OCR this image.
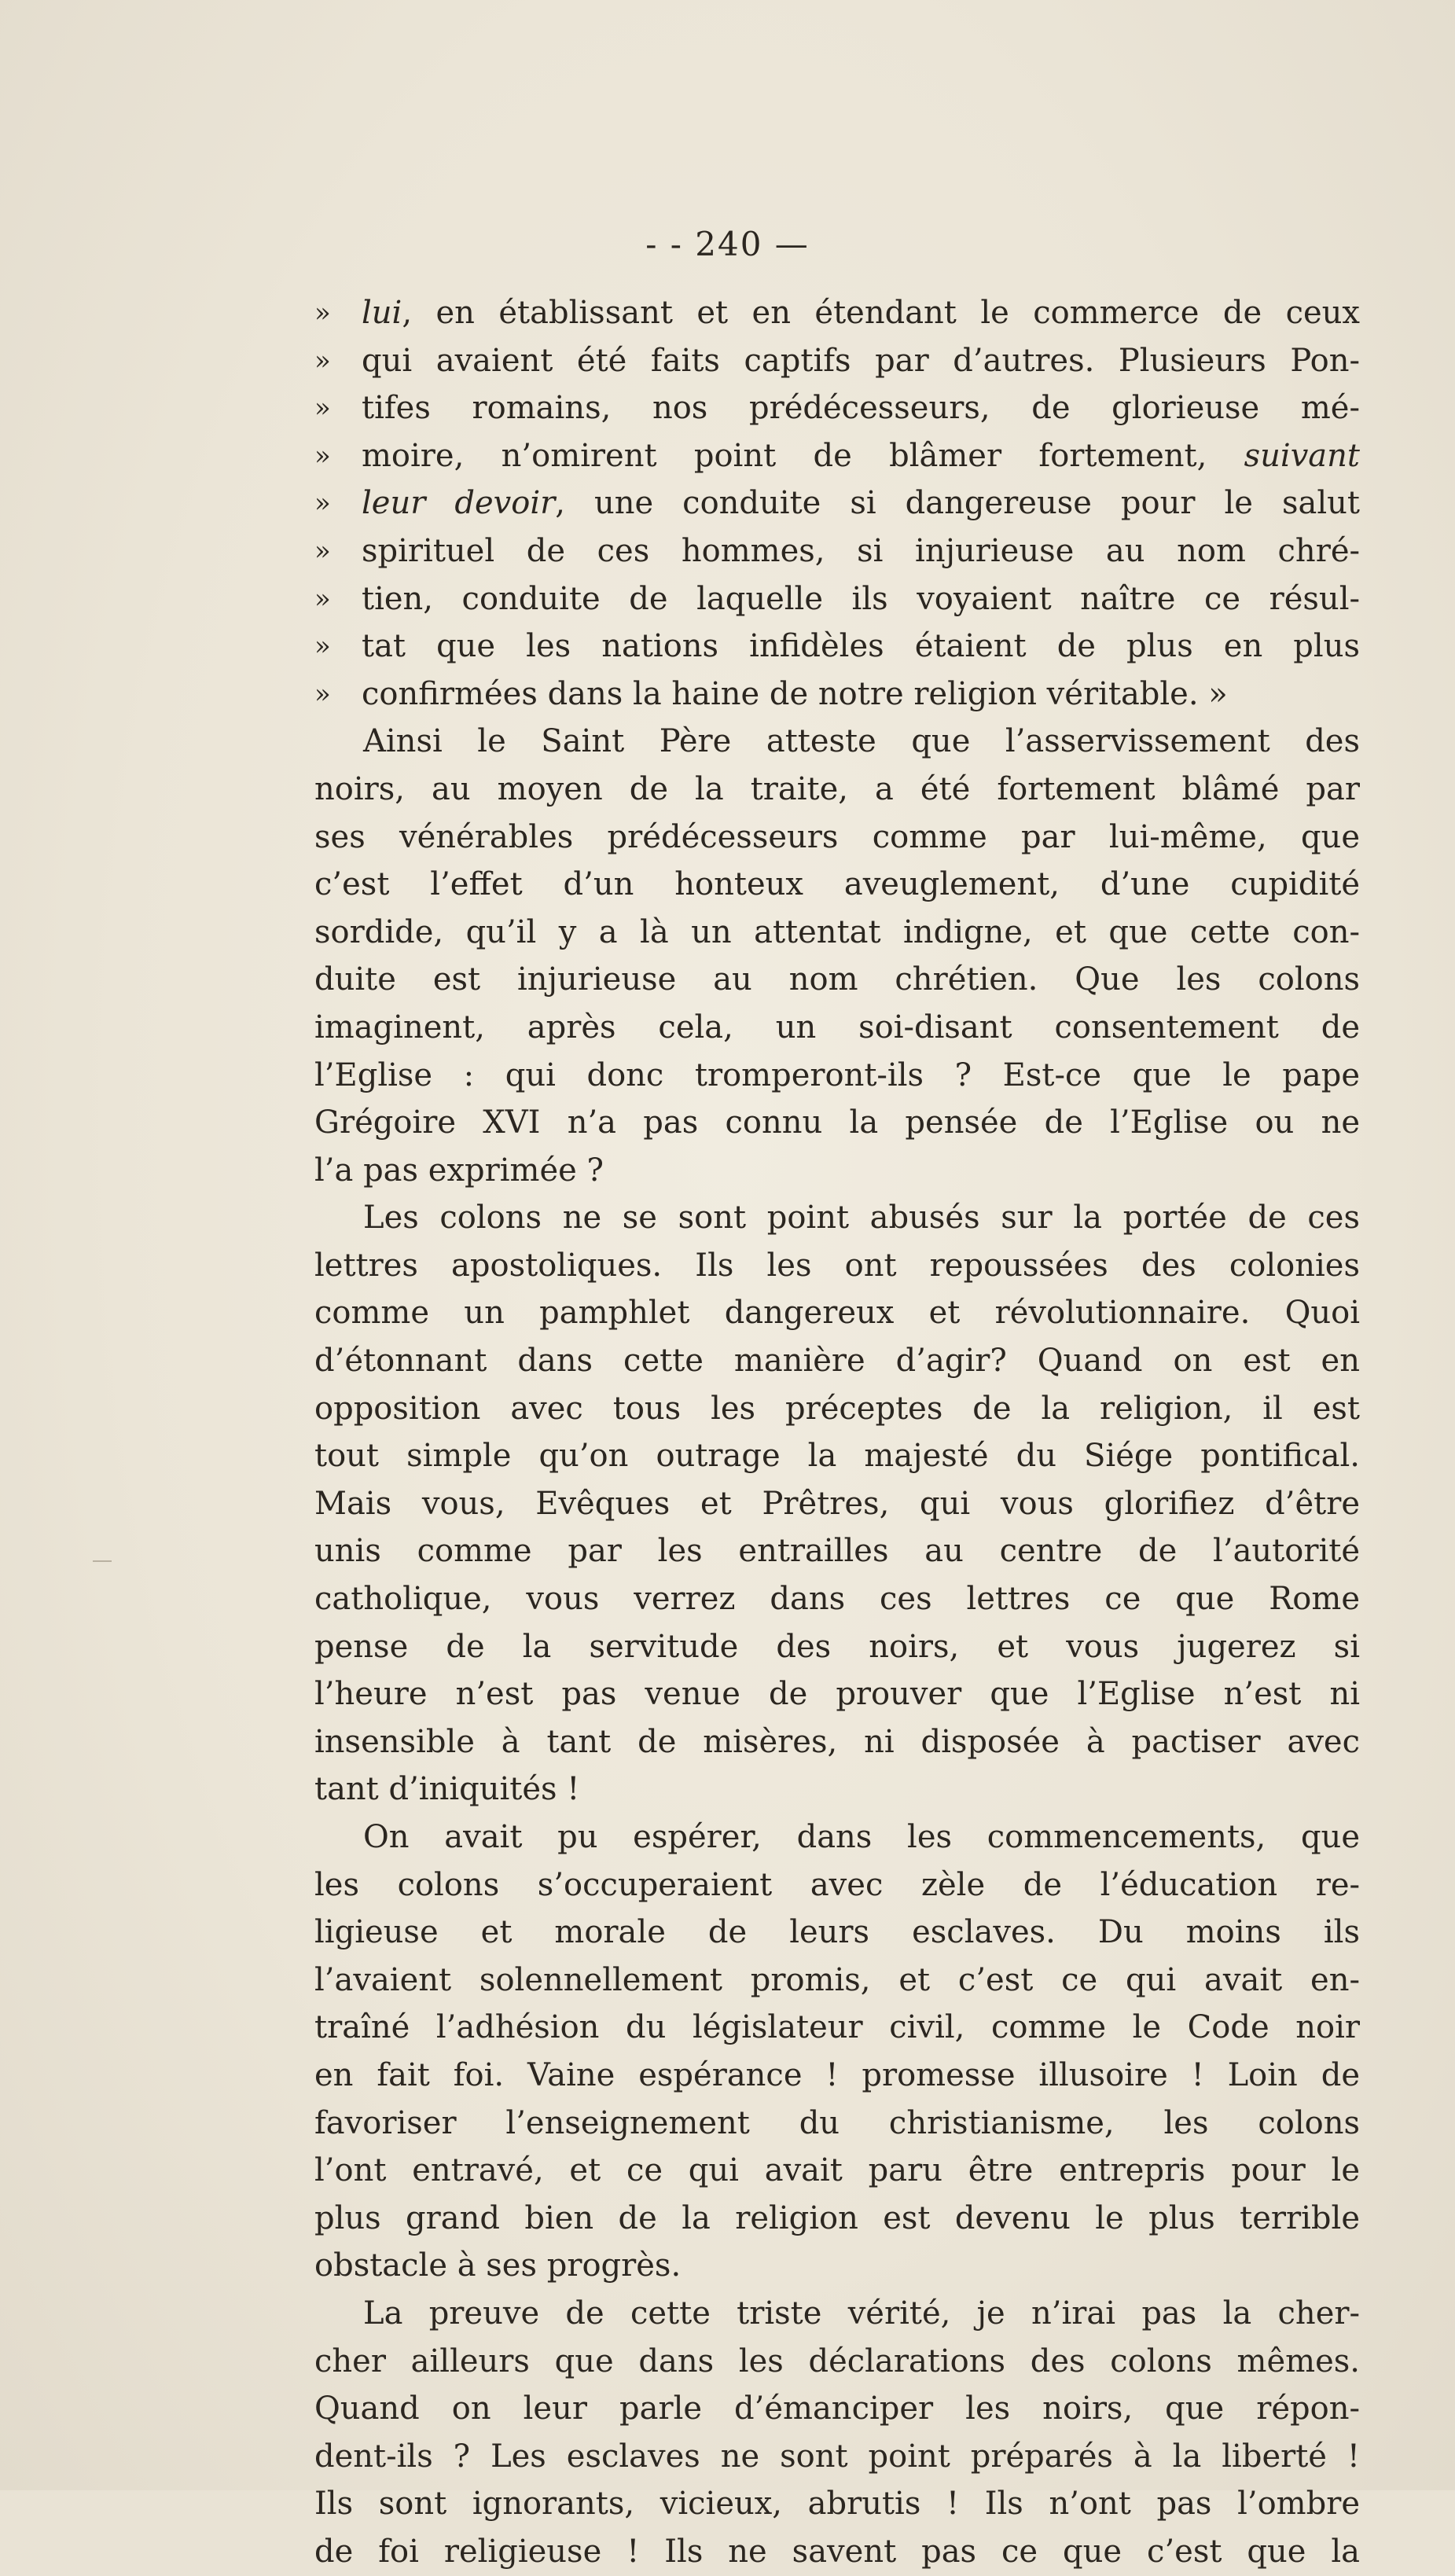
- - 240 —
» lui, en établissant et en étendant le commerce de ceux
» qui avaient été faits captifs par d’autres. Plusieurs Pon-
» tifes romains, nos prédécesseurs, de glorieuse mé-
» moire, n’omirent point de blâmer fortement, suivant
» leur devoir, une conduite si dangereuse pour le salut
» spirituel de ces hommes, si injurieuse au nom chré-
» tien, conduite de laquelle ils voyaient naître ce résul-
» tat que les nations infidèles étaient de plus en plus
» confirmées dans la haine de notre religion véritable. »
Ainsi le Saint Père atteste que l’asservissement des
noirs, au moyen de la traite, a été fortement blâmé par
ses vénérables prédécesseurs comme par lui-même, que
c’est l’effet d’un honteux aveuglement, d’une cupidité
sordide, qu’il y a là un attentat indigne, et que cette con-
duite est injurieuse au nom chrétien. Que les colons
imaginent, après cela, un soi-disant consentement de
l’Eglise : qui donc tromperont-ils ? Est-ce que le pape
Grégoire XVI n’a pas connu la pensée de l’Eglise ou ne
l’a pas exprimée ?
Les colons ne se sont point abusés sur la portée de ces
lettres apostoliques. Ils les ont repoussées des colonies
comme un pamphlet dangereux et révolutionnaire. Quoi
d’étonnant dans cette manière d’agir? Quand on est en
opposition avec tous les préceptes de la religion, il est
tout simple qu’on outrage la majesté du Siége pontifical.
Mais vous, Evêques et Prêtres, qui vous glorifiez d’être
unis comme par les entrailles au centre de l’autorité
catholique, vous verrez dans ces lettres ce que Rome
pense de la servitude des noirs, et vous jugerez si
l’heure n’est pas venue de prouver que l’Eglise n’est ni
insensible à tant de misères, ni disposée à pactiser avec
tant d’iniquités !
On avait pu espérer, dans les commencements, que
les colons s’occuperaient avec zèle de l’éducation re-
ligieuse et morale de leurs esclaves. Du moins ils
l’avaient solennellement promis, et c’est ce qui avait en-
traîné l’adhésion du législateur civil, comme le Code noir
en fait foi. Vaine espérance ! promesse illusoire ! Loin de
favoriser l’enseignement du christianisme, les colons
l’ont entravé, et ce qui avait paru être entrepris pour le
plus grand bien de la religion est devenu le plus terrible
obstacle à ses progrès.
La preuve de cette triste vérité, je n’irai pas la cher-
cher ailleurs que dans les déclarations des colons mêmes.
Quand on leur parle d’émanciper les noirs, que répon-
dent-ils ? Les esclaves ne sont point préparés à la liberté !
Ils sont ignorants, vicieux, abrutis ! Ils n’ont pas l’ombre
de foi religieuse ! Ils ne savent pas ce que c’est que la
